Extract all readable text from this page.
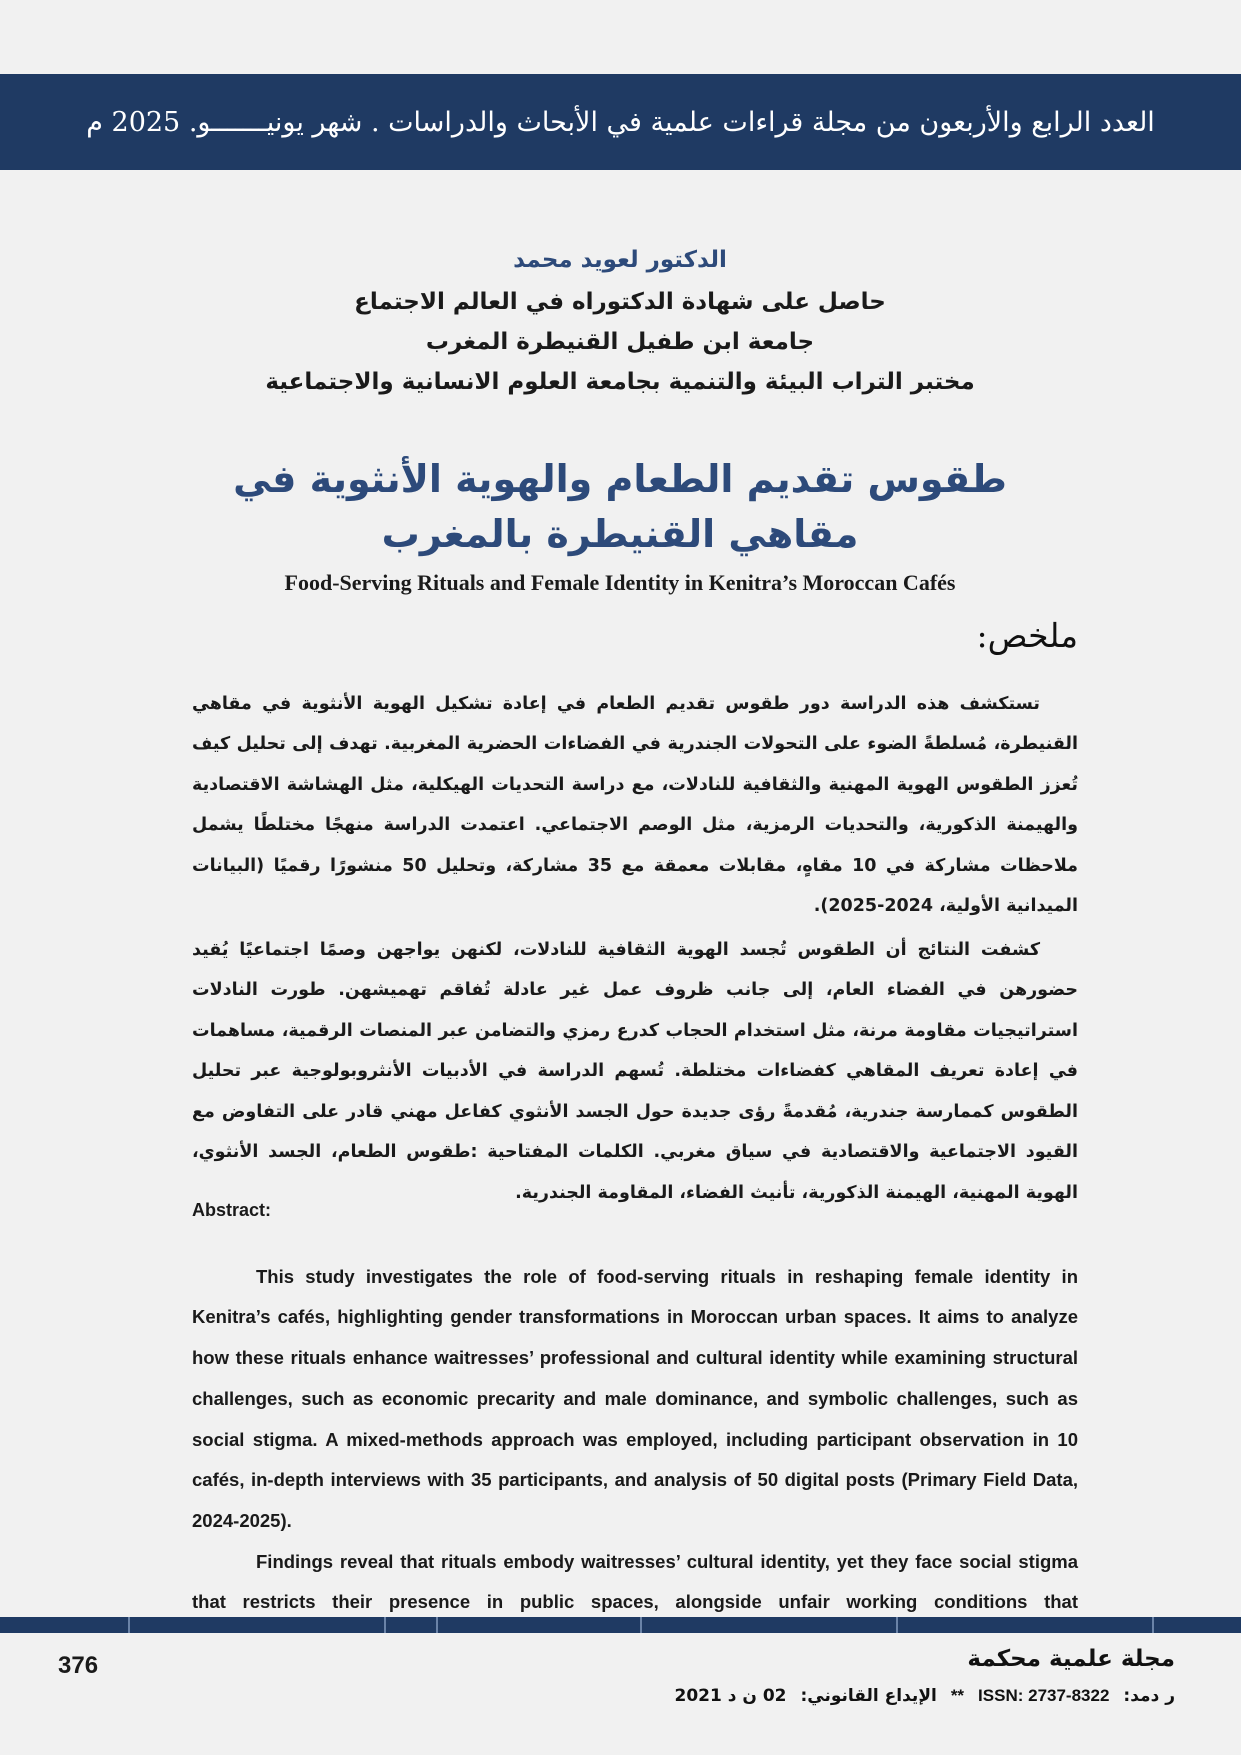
العدد الرابع والأربعون من مجلة قراءات علمية في الأبحاث والدراسات . شهر يونيـــــــو. 2025 م
الدكتور لعويد محمد
حاصل على شهادة الدكتوراه في العالم الاجتماع
جامعة ابن طفيل القنيطرة المغرب
مختبر التراب البيئة والتنمية بجامعة العلوم الانسانية والاجتماعية
طقوس تقديم الطعام والهوية الأنثوية في مقاهي القنيطرة بالمغرب
Food-Serving Rituals and Female Identity in Kenitra’s Moroccan Cafés
ملخص:

تستكشف هذه الدراسة دور طقوس تقديم الطعام في إعادة تشكيل الهوية الأنثوية في مقاهي القنيطرة، مُسلطةً الضوء على التحولات الجندرية في الفضاءات الحضرية المغربية. تهدف إلى تحليل كيف تُعزز الطقوس الهوية المهنية والثقافية للنادلات، مع دراسة التحديات الهيكلية، مثل الهشاشة الاقتصادية والهيمنة الذكورية، والتحديات الرمزية، مثل الوصم الاجتماعي. اعتمدت الدراسة منهجًا مختلطًا يشمل ملاحظات مشاركة في 10 مقاهٍ، مقابلات معمقة مع 35 مشاركة، وتحليل 50 منشورًا رقميًا (البيانات الميدانية الأولية، 2024-2025).

كشفت النتائج أن الطقوس تُجسد الهوية الثقافية للنادلات، لكنهن يواجهن وصمًا اجتماعيًا يُقيد حضورهن في الفضاء العام، إلى جانب ظروف عمل غير عادلة تُفاقم تهميشهن. طورت النادلات استراتيجيات مقاومة مرنة، مثل استخدام الحجاب كدرع رمزي والتضامن عبر المنصات الرقمية، مساهمات في إعادة تعريف المقاهي كفضاءات مختلطة. تُسهم الدراسة في الأدبيات الأنثروبولوجية عبر تحليل الطقوس كممارسة جندرية، مُقدمةً رؤى جديدة حول الجسد الأنثوي كفاعل مهني قادر على التفاوض مع القيود الاجتماعية والاقتصادية في سياق مغربي. الكلمات المفتاحية :طقوس الطعام، الجسد الأنثوي، الهوية المهنية، الهيمنة الذكورية، تأنيث الفضاء، المقاومة الجندرية.

Abstract:

This study investigates the role of food-serving rituals in reshaping female identity in Kenitra’s cafés, highlighting gender transformations in Moroccan urban spaces. It aims to analyze how these rituals enhance waitresses’ professional and cultural identity while examining structural challenges, such as economic precarity and male dominance, and symbolic challenges, such as social stigma. A mixed-methods approach was employed, including participant observation in 10 cafés, in-depth interviews with 35 participants, and analysis of 50 digital posts (Primary Field Data, 2024-2025).

Findings reveal that rituals embody waitresses’ cultural identity, yet they face social stigma that restricts their presence in public spaces, alongside unfair working conditions that

376	مجلة علمية محكمة
ر دمد:
ISSN: 2737-8322
**
الإيداع القانوني:
02 ن د 2021
